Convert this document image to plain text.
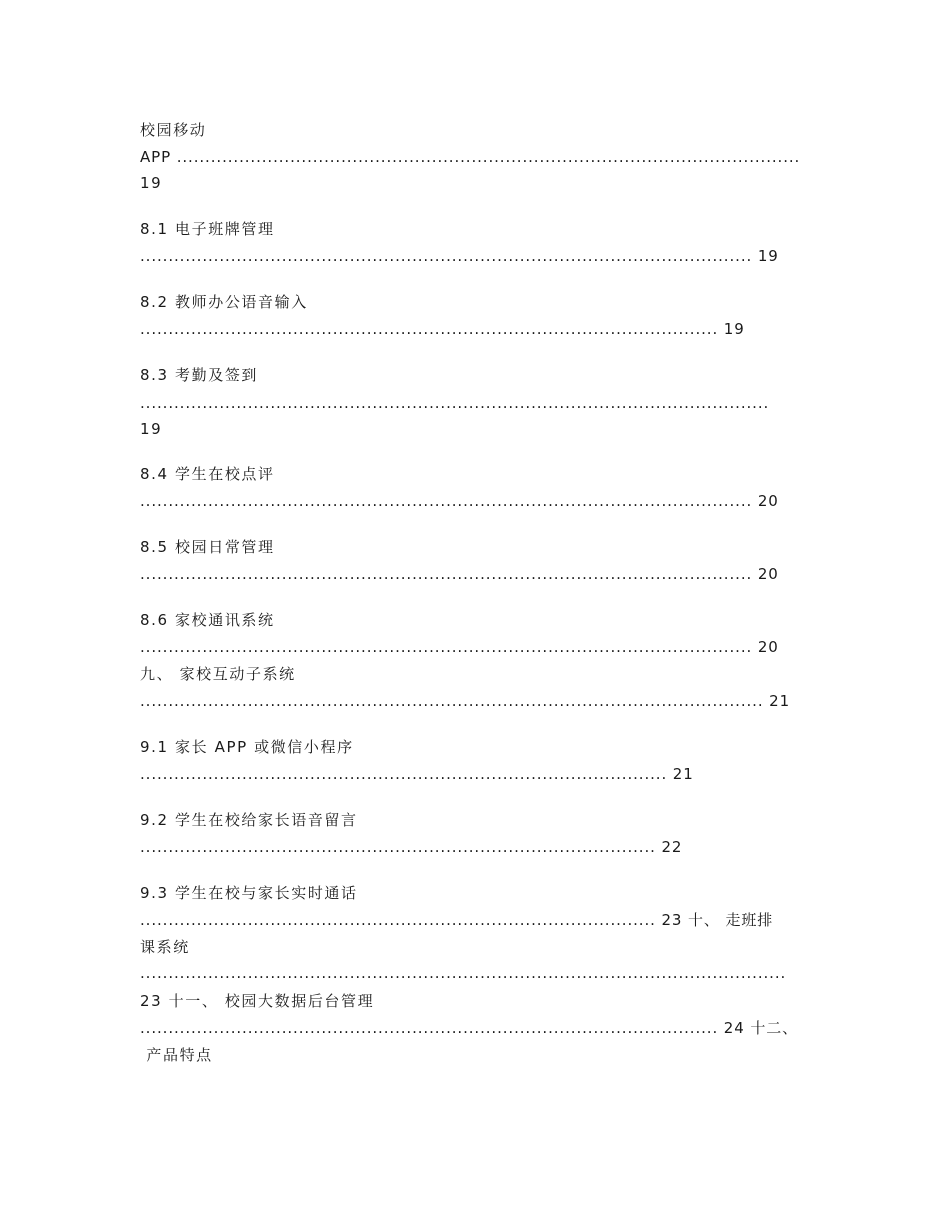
校园移动
APP ..............................................................................................................
19
8.1 电子班牌管理
............................................................................................................ 19
8.2 教师办公语音输入
...................................................................................................... 19
8.3 考勤及签到
...............................................................................................................
19
8.4 学生在校点评
............................................................................................................ 20
8.5 校园日常管理
............................................................................................................ 20
8.6 家校通讯系统
............................................................................................................ 20
九、 家校互动子系统
.............................................................................................................. 21
9.1 家长 APP 或微信小程序
............................................................................................. 21
9.2 学生在校给家长语音留言
........................................................................................... 22
9.3 学生在校与家长实时通话
........................................................................................... 23 十、 走班排
课系统
..................................................................................................................
23 十一、 校园大数据后台管理
...................................................................................................... 24 十二、
产品特点
